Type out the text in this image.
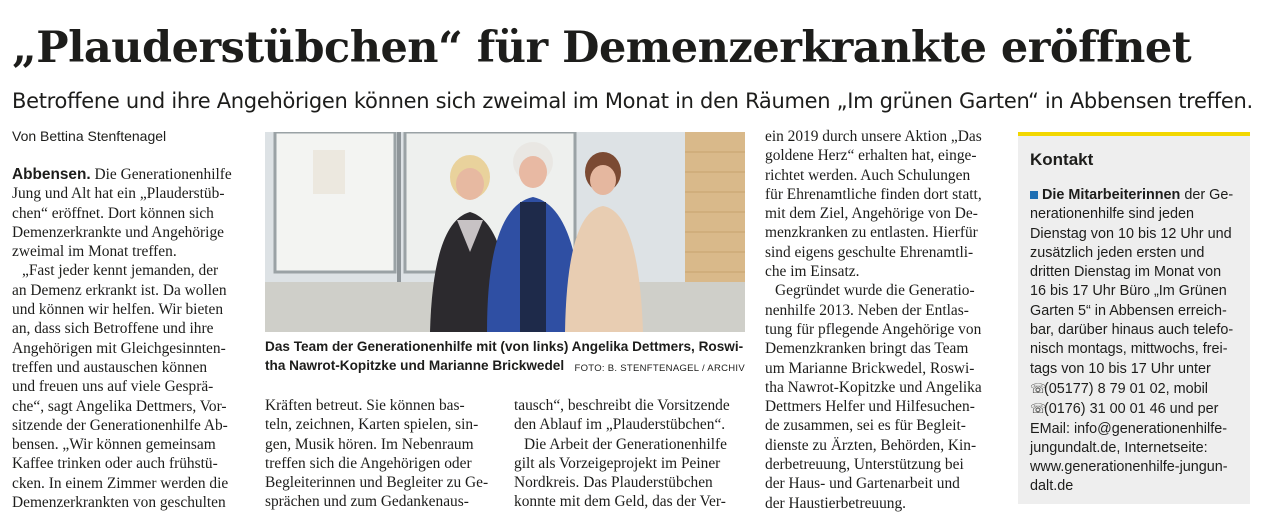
„Plauderstübchen“ für Demenzerkrankte eröffnet
Betroffene und ihre Angehörigen können sich zweimal im Monat in den Räumen „Im grünen Garten“ in Abbensen treffen.
Von Bettina Stenftenagel
Abbensen. Die Generationenhilfe
Jung und Alt hat ein „Plauderstüb-
chen“ eröffnet. Dort können sich
Demenzerkrankte und Angehörige
zweimal im Monat treffen.
„Fast jeder kennt jemanden, der
an Demenz erkrankt ist. Da wollen
und können wir helfen. Wir bieten
an, dass sich Betroffene und ihre
Angehörigen mit Gleichgesinnten-
treffen und austauschen können
und freuen uns auf viele Gesprä-
che“, sagt Angelika Dettmers, Vor-
sitzende der Generationenhilfe Ab-
bensen. „Wir können gemeinsam
Kaffee trinken oder auch frühstü-
cken. In einem Zimmer werden die
Demenzerkrankten von geschulten
Das Team der Generationenhilfe mit (von links) Angelika Dettmers, Roswi-
tha Nawrot-Kopitzke und Marianne Brickwedel FOTO: B. STENFTENAGEL / ARCHIV
Kräften betreut. Sie können bas-
teln, zeichnen, Karten spielen, sin-
gen, Musik hören. Im Nebenraum
treffen sich die Angehörigen oder
Begleiterinnen und Begleiter zu Ge-
sprächen und zum Gedankenaus-
tausch“, beschreibt die Vorsitzende
den Ablauf im „Plauderstübchen“.
Die Arbeit der Generationenhilfe
gilt als Vorzeigeprojekt im Peiner
Nordkreis. Das Plauderstübchen
konnte mit dem Geld, das der Ver-
ein 2019 durch unsere Aktion „Das
goldene Herz“ erhalten hat, einge-
richtet werden. Auch Schulungen
für Ehrenamtliche finden dort statt,
mit dem Ziel, Angehörige von De-
menzkranken zu entlasten. Hierfür
sind eigens geschulte Ehrenamtli-
che im Einsatz.
Gegründet wurde die Generatio-
nenhilfe 2013. Neben der Entlas-
tung für pflegende Angehörige von
Demenzkranken bringt das Team
um Marianne Brickwedel, Roswi-
tha Nawrot-Kopitzke und Angelika
Dettmers Helfer und Hilfesuchen-
de zusammen, sei es für Begleit-
dienste zu Ärzten, Behörden, Kin-
derbetreuung, Unterstützung bei
der Haus- und Gartenarbeit und
der Haustierbetreuung.
Kontakt
Die Mitarbeiterinnen der Ge-
nerationenhilfe sind jeden
Dienstag von 10 bis 12 Uhr und
zusätzlich jeden ersten und
dritten Dienstag im Monat von
16 bis 17 Uhr Büro „Im Grünen
Garten 5“ in Abbensen erreich-
bar, darüber hinaus auch telefo-
nisch montags, mittwochs, frei-
tags von 10 bis 17 Uhr unter
☏(05177) 8 79 01 02, mobil
☏(0176) 31 00 01 46 und per
EMail: info@generationenhilfe-
jungundalt.de, Internetseite:
www.generationenhilfe-jungun-
dalt.de
